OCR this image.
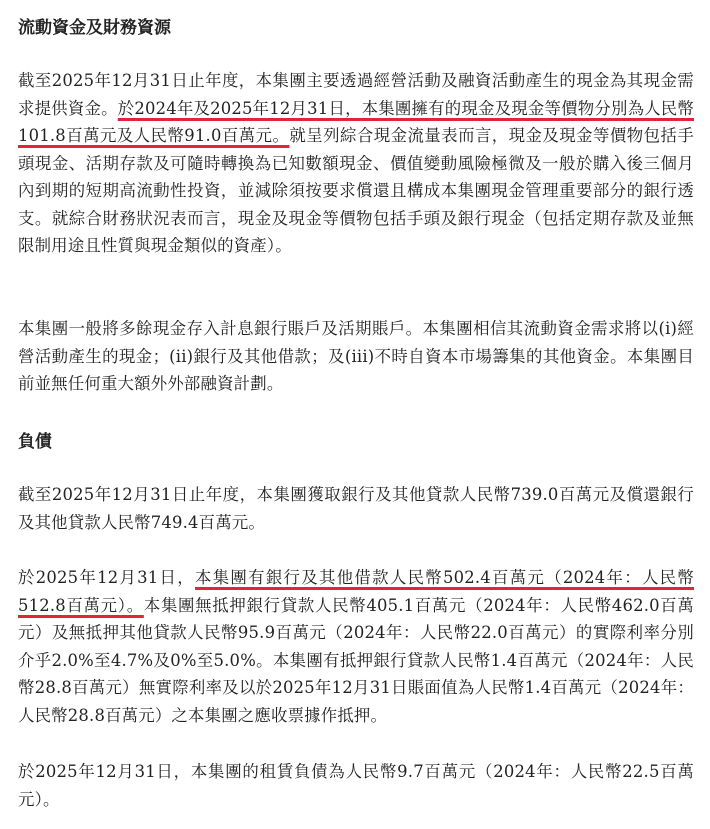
流動資金及財務資源

截至2025年12月31日止年度，本集團主要透過經營活動及融資活動產生的現金為其現金需求提供資金。於2024年及2025年12月31日，本集團擁有的現金及現金等價物分別為人民幣101.8百萬元及人民幣91.0百萬元。就呈列綜合現金流量表而言，現金及現金等價物包括手頭現金、活期存款及可隨時轉換為已知數額現金、價值變動風險極微及一般於購入後三個月內到期的短期高流動性投資，並減除須按要求償還且構成本集團現金管理重要部分的銀行透支。就綜合財務狀況表而言，現金及現金等價物包括手頭及銀行現金（包括定期存款及並無限制用途且性質與現金類似的資產）。

本集團一般將多餘現金存入計息銀行賬戶及活期賬戶。本集團相信其流動資金需求將以(i)經營活動產生的現金；(ii)銀行及其他借款；及(iii)不時自資本市場籌集的其他資金。本集團目前並無任何重大額外外部融資計劃。

負債

截至2025年12月31日止年度，本集團獲取銀行及其他貸款人民幣739.0百萬元及償還銀行及其他貸款人民幣749.4百萬元。

於2025年12月31日，本集團有銀行及其他借款人民幣502.4百萬元（2024年：人民幣512.8百萬元）。本集團無抵押銀行貸款人民幣405.1百萬元（2024年：人民幣462.0百萬元）及無抵押其他貸款人民幣95.9百萬元（2024年：人民幣22.0百萬元）的實際利率分別介乎2.0%至4.7%及0%至5.0%。本集團有抵押銀行貸款人民幣1.4百萬元（2024年：人民幣28.8百萬元）無實際利率及以於2025年12月31日賬面值為人民幣1.4百萬元（2024年：人民幣28.8百萬元）之本集團之應收票據作抵押。

於2025年12月31日，本集團的租賃負債為人民幣9.7百萬元（2024年：人民幣22.5百萬元）。
